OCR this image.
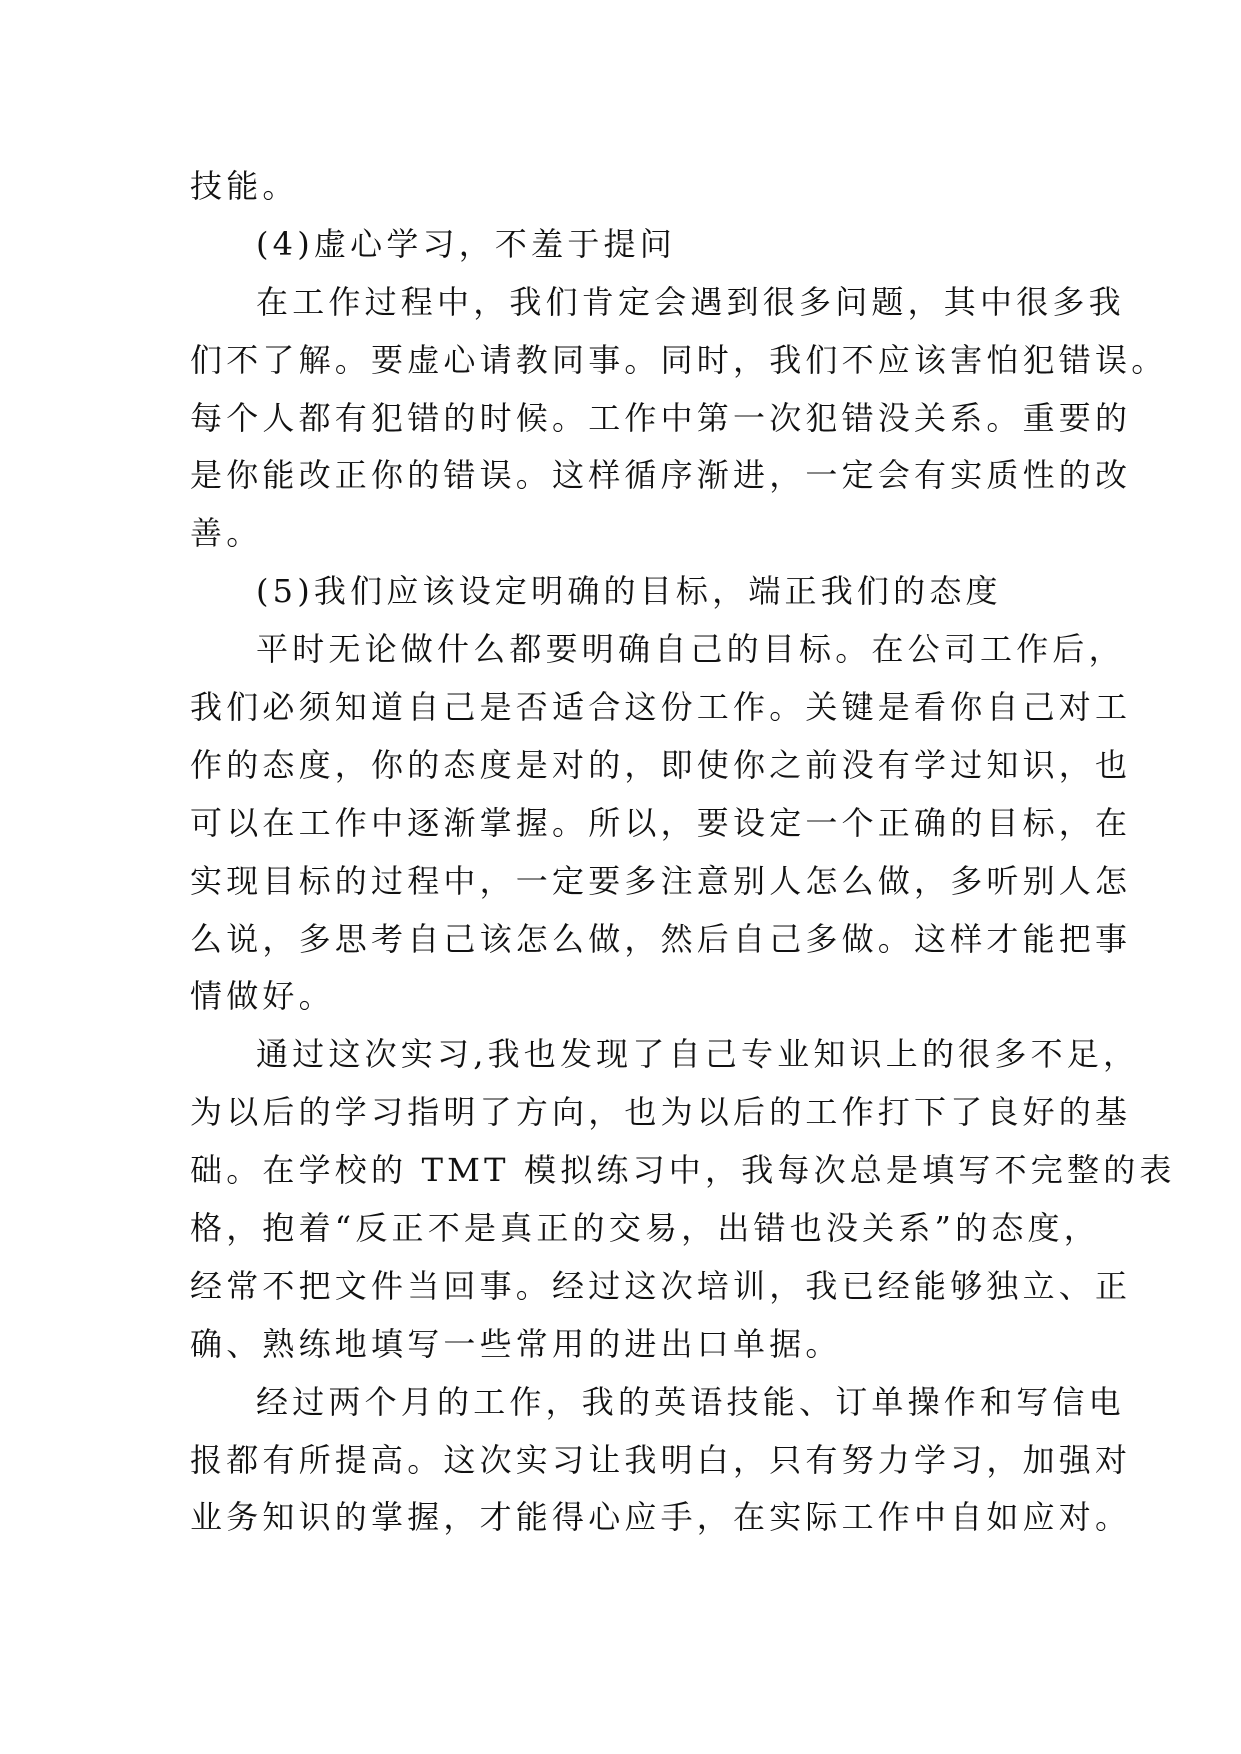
技能。
(4)虚心学习，不羞于提问
在工作过程中，我们肯定会遇到很多问题，其中很多我
们不了解。要虚心请教同事。同时，我们不应该害怕犯错误。
每个人都有犯错的时候。工作中第一次犯错没关系。重要的
是你能改正你的错误。这样循序渐进，一定会有实质性的改
善。
(5)我们应该设定明确的目标，端正我们的态度
平时无论做什么都要明确自己的目标。在公司工作后，
我们必须知道自己是否适合这份工作。关键是看你自己对工
作的态度，你的态度是对的，即使你之前没有学过知识，也
可以在工作中逐渐掌握。所以，要设定一个正确的目标，在
实现目标的过程中，一定要多注意别人怎么做，多听别人怎
么说，多思考自己该怎么做，然后自己多做。这样才能把事
情做好。
通过这次实习,我也发现了自己专业知识上的很多不足，
为以后的学习指明了方向，也为以后的工作打下了良好的基
础。在学校的 TMT 模拟练习中，我每次总是填写不完整的表
格，抱着“反正不是真正的交易，出错也没关系”的态度，
经常不把文件当回事。经过这次培训，我已经能够独立、正
确、熟练地填写一些常用的进出口单据。
经过两个月的工作，我的英语技能、订单操作和写信电
报都有所提高。这次实习让我明白，只有努力学习，加强对
业务知识的掌握，才能得心应手，在实际工作中自如应对。
